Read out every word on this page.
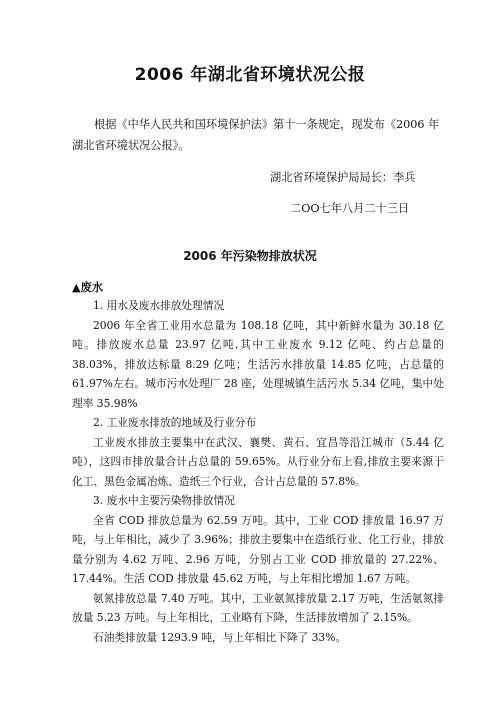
2006 年湖北省环境状况公报
根据《中华人民共和国环境保护法》第十一条规定，现发布《2006 年湖北省环境状况公报》。
湖北省环境保护局局长：李兵
二OO七年八月二十三日
2006 年污染物排放状况
▲废水

1. 用水及废水排放处理情况

2006 年全省工业用水总量为 108.18 亿吨，其中新鲜水量为 30.18 亿吨。排放废水总量 23.97 亿吨,其中工业废水 9.12 亿吨、约占总量的 38.03%，排放达标量 8.29 亿吨；生活污水排放量 14.85 亿吨，占总量的 61.97%左右。城市污水处理厂 28 座，处理城镇生活污水 5.34 亿吨，集中处理率 35.98%

2. 工业废水排放的地域及行业分布

工业废水排放主要集中在武汉、襄樊、黄石、宜昌等沿江城市（5.44 亿吨），这四市排放量合计占总量的 59.65%。从行业分布上看,排放主要来源于化工、黑色金属冶炼、造纸三个行业，合计占总量的 57.8%。

3. 废水中主要污染物排放情况

全省 COD 排放总量为 62.59 万吨。其中，工业 COD 排放量 16.97 万吨，与上年相比，减少了 3.96%；排放主要集中在造纸行业、化工行业，排放量分别为 4.62 万吨、2.96 万吨，分别占工业 COD 排放量的 27.22%、17.44%。生活 COD 排放量 45.62 万吨，与上年相比增加 1.67 万吨。

氨氮排放总量 7.40 万吨。其中，工业氨氮排放量 2.17 万吨，生活氨氮排放量 5.23 万吨。与上年相比，工业略有下降，生活排放增加了 2.15%。

石油类排放量 1293.9 吨，与上年相比下降了 33%。
